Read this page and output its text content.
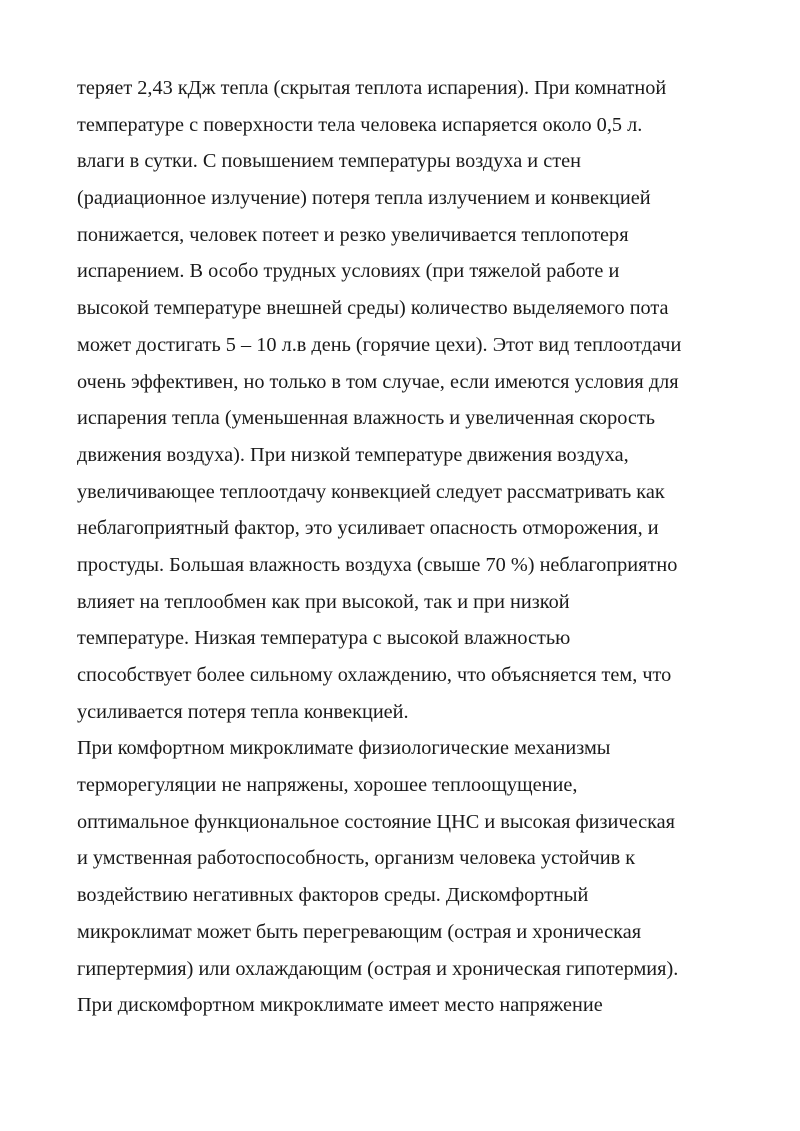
теряет 2,43 кДж тепла (скрытая теплота испарения). При комнатной
температуре с поверхности тела человека испаряется около 0,5 л.
влаги в сутки. С повышением температуры воздуха и стен
(радиационное излучение) потеря тепла излучением и конвекцией
понижается, человек потеет и резко увеличивается теплопотеря
испарением. В особо трудных условиях (при тяжелой работе и
высокой температуре внешней среды) количество выделяемого пота
может достигать 5 – 10 л.в день (горячие цехи). Этот вид теплоотдачи
очень эффективен, но только в том случае, если имеются условия для
испарения тепла (уменьшенная влажность и увеличенная скорость
движения воздуха). При низкой температуре движения воздуха,
увеличивающее теплоотдачу конвекцией следует рассматривать как
неблагоприятный фактор, это усиливает опасность отморожения, и
простуды. Большая влажность воздуха (свыше 70 %) неблагоприятно
влияет на теплообмен как при высокой, так и при низкой
температуре. Низкая температура с высокой влажностью
способствует более сильному охлаждению, что объясняется тем, что
усиливается потеря тепла конвекцией.
При комфортном микроклимате физиологические механизмы
терморегуляции не напряжены, хорошее теплоощущение,
оптимальное функциональное состояние ЦНС и высокая физическая
и умственная работоспособность, организм человека устойчив к
воздействию негативных факторов среды. Дискомфортный
микроклимат может быть перегревающим (острая и хроническая
гипертермия) или охлаждающим (острая и хроническая гипотермия).
При дискомфортном микроклимате имеет место напряжение
